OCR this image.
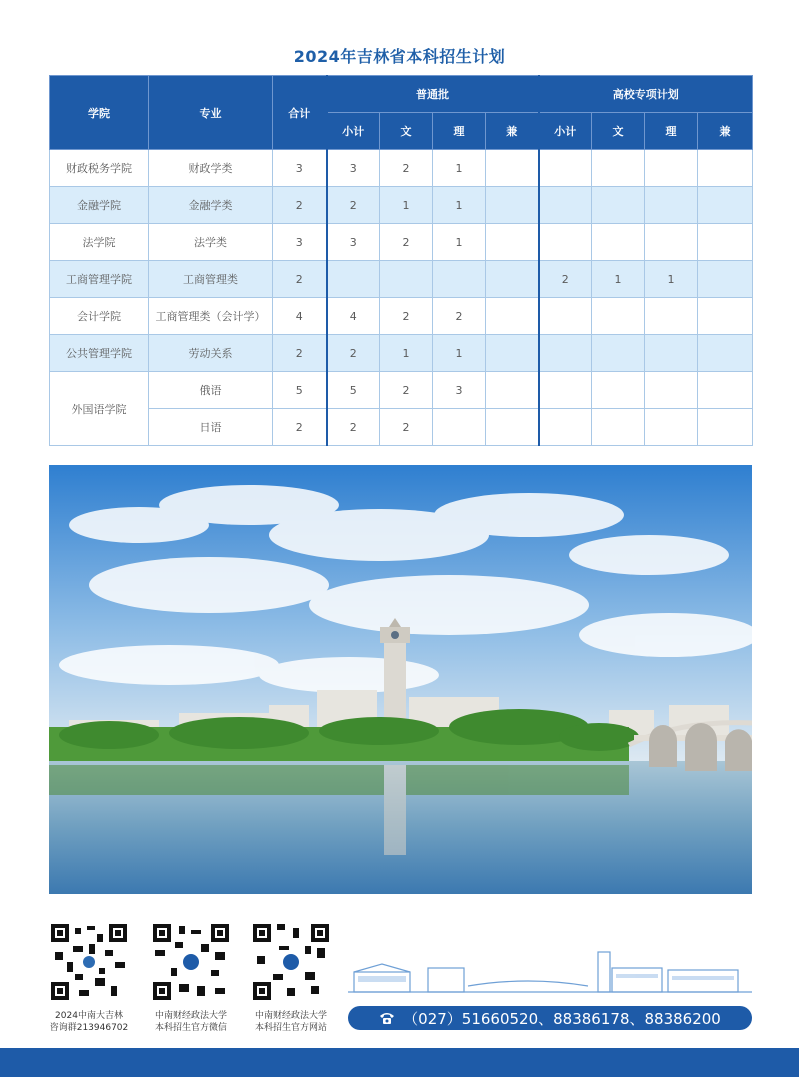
2024年吉林省本科招生计划
学院	专业	合计	普通批				高校专项计划			
			小计	文	理	兼	小计	文	理	兼
财政税务学院	财政学类	3	3	2	1					
金融学院	金融学类	2	2	1	1					
法学院	法学类	3	3	2	1					
工商管理学院	工商管理类	2					2	1	1	
会计学院	工商管理类（会计学）	4	4	2	2					
公共管理学院	劳动关系	2	2	1	1					
外国语学院	俄语	5	5	2	3					
	日语	2	2	2						
2024中南大吉林
咨询群213946702
中南财经政法大学
本科招生官方微信
中南财经政法大学
本科招生官方网站
（027）51660520、88386178、88386200
